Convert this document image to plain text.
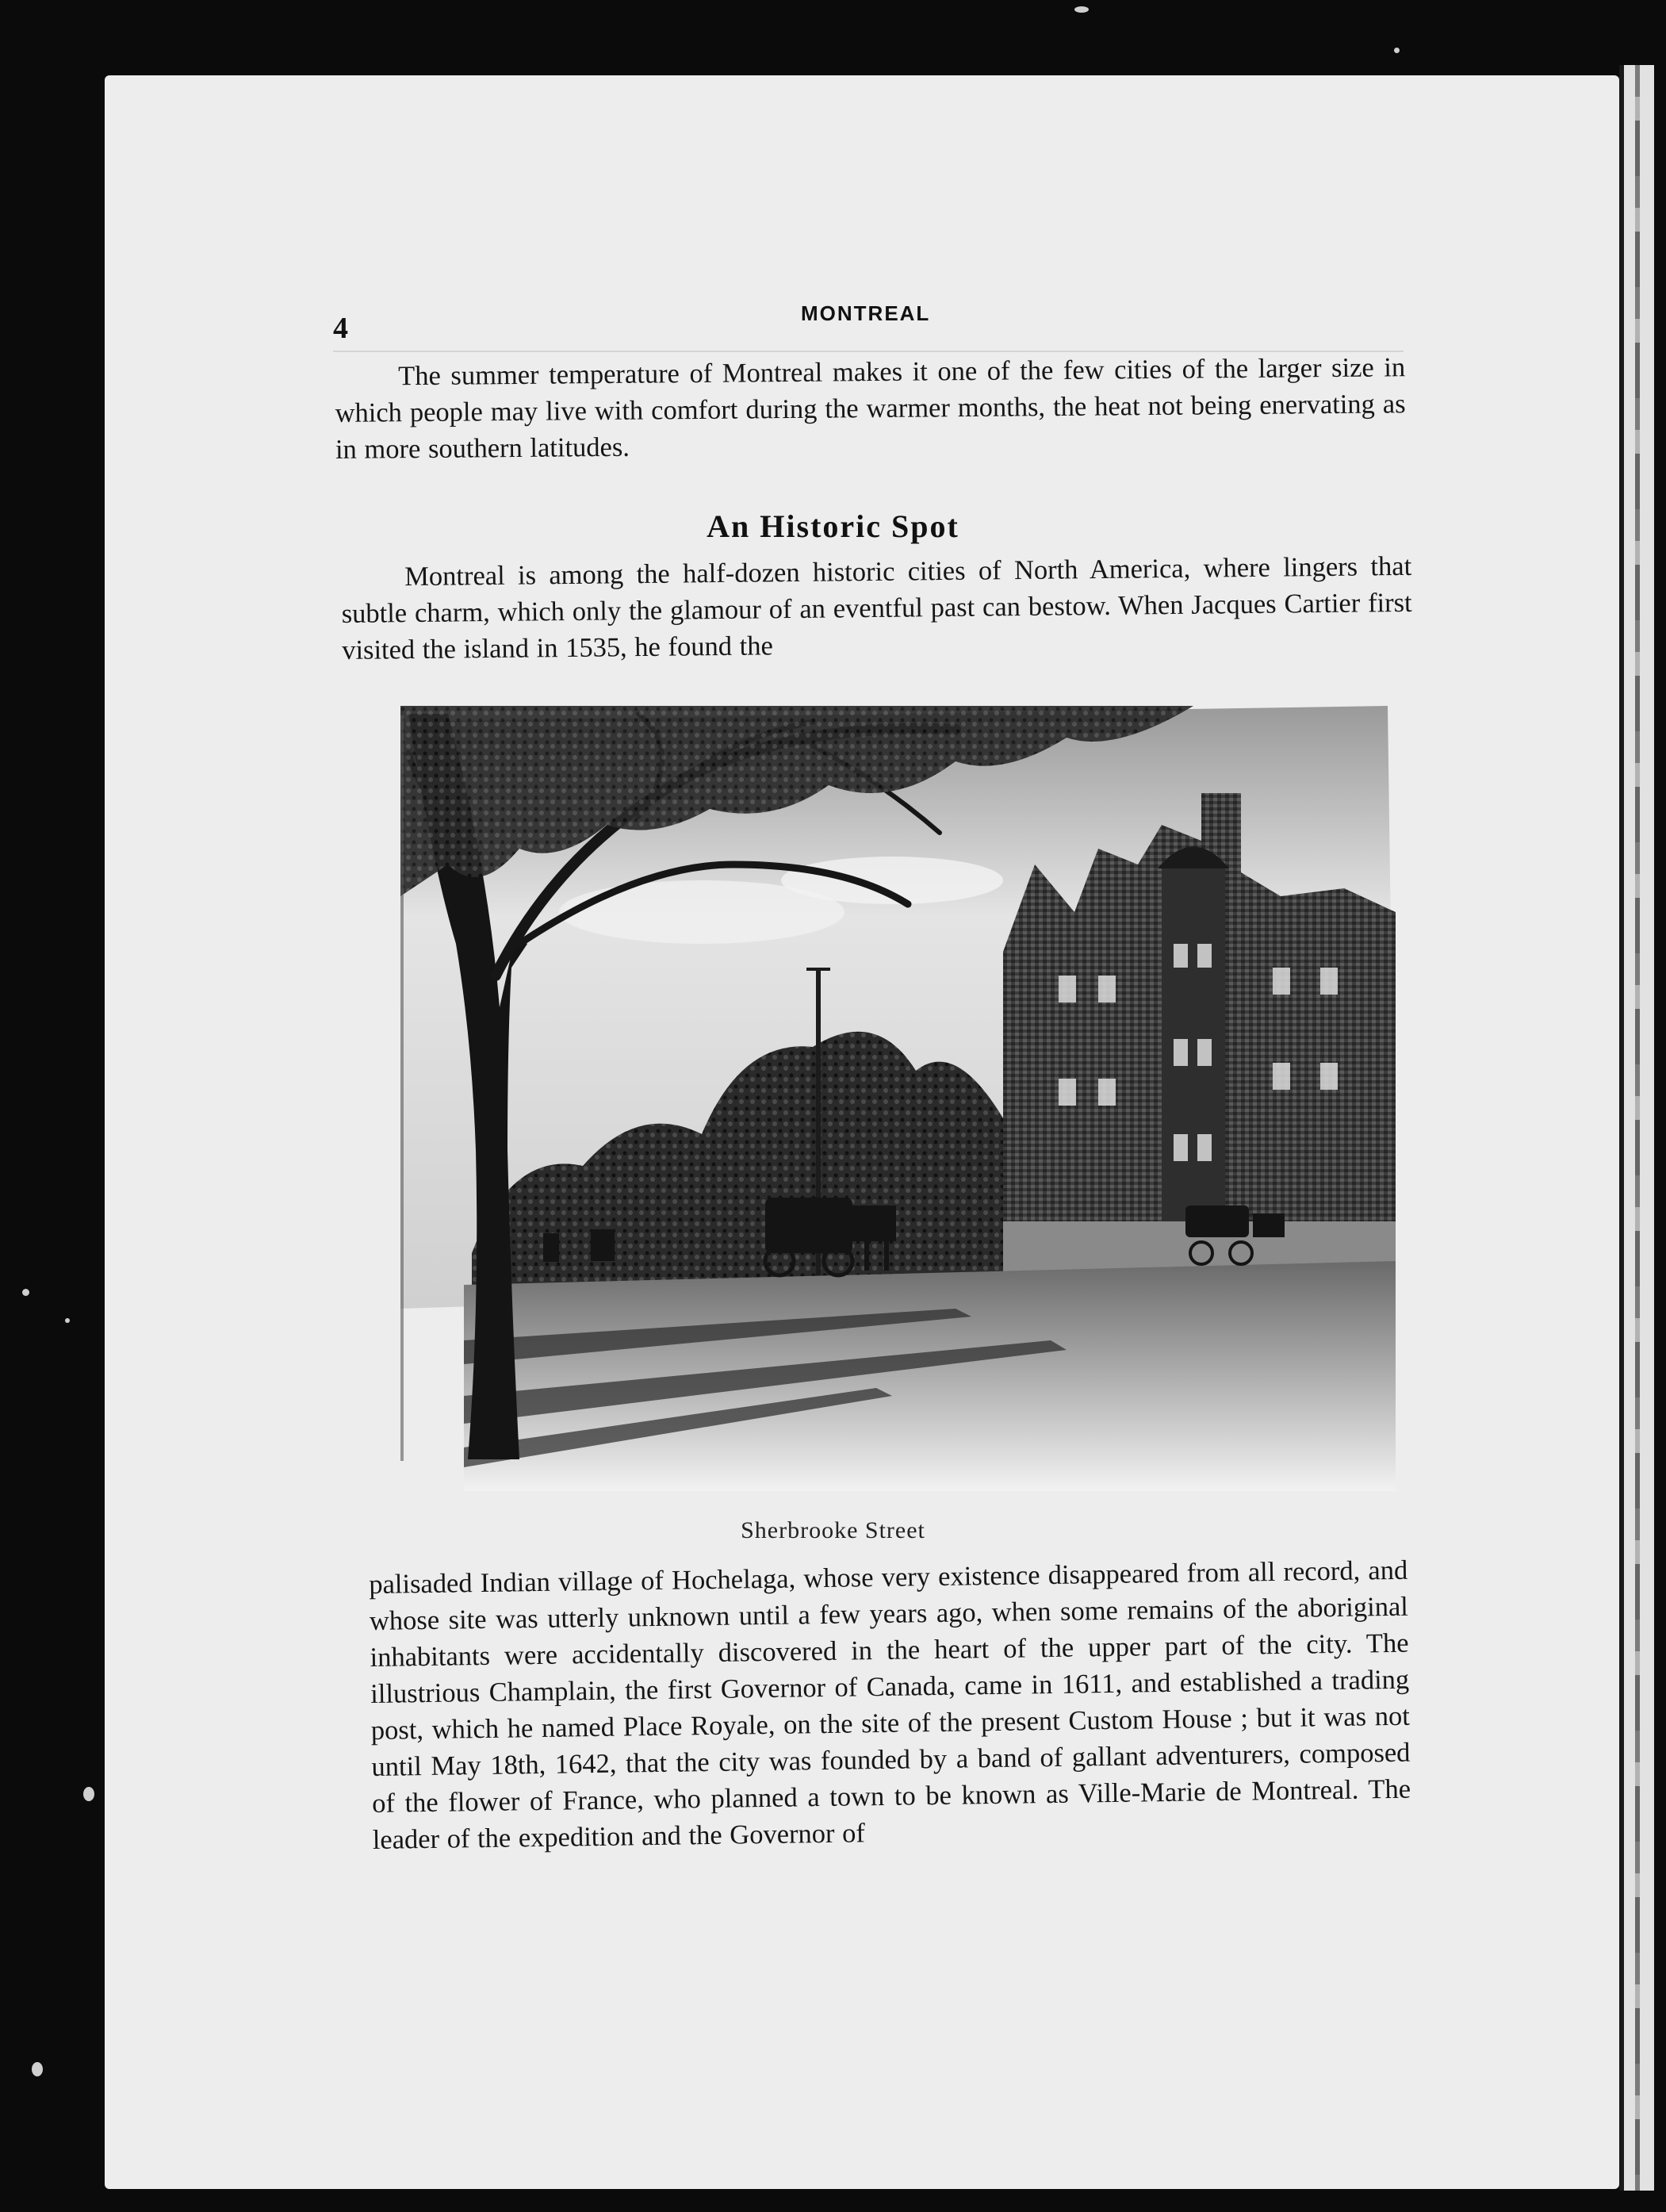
4	MONTREAL
The summer temperature of Montreal makes it one of the few cities of the larger size in which people may live with comfort during the warmer months, the heat not being enervating as in more southern latitudes.
An Historic Spot
Montreal is among the half-dozen historic cities of North America, where lingers that subtle charm, which only the glamour of an eventful past can bestow. When Jacques Cartier first visited the island in 1535, he found the
Sherbrooke Street
palisaded Indian village of Hochelaga, whose very existence disappeared from all record, and whose site was utterly unknown until a few years ago, when some remains of the aboriginal inhabitants were accidentally discovered in the heart of the upper part of the city. The illustrious Champlain, the first Governor of Canada, came in 1611, and established a trading post, which he named Place Royale, on the site of the present Custom House ; but it was not until May 18th, 1642, that the city was founded by a band of gallant adventurers, composed of the flower of France, who planned a town to be known as Ville-Marie de Montreal. The leader of the expedition and the Governor of
